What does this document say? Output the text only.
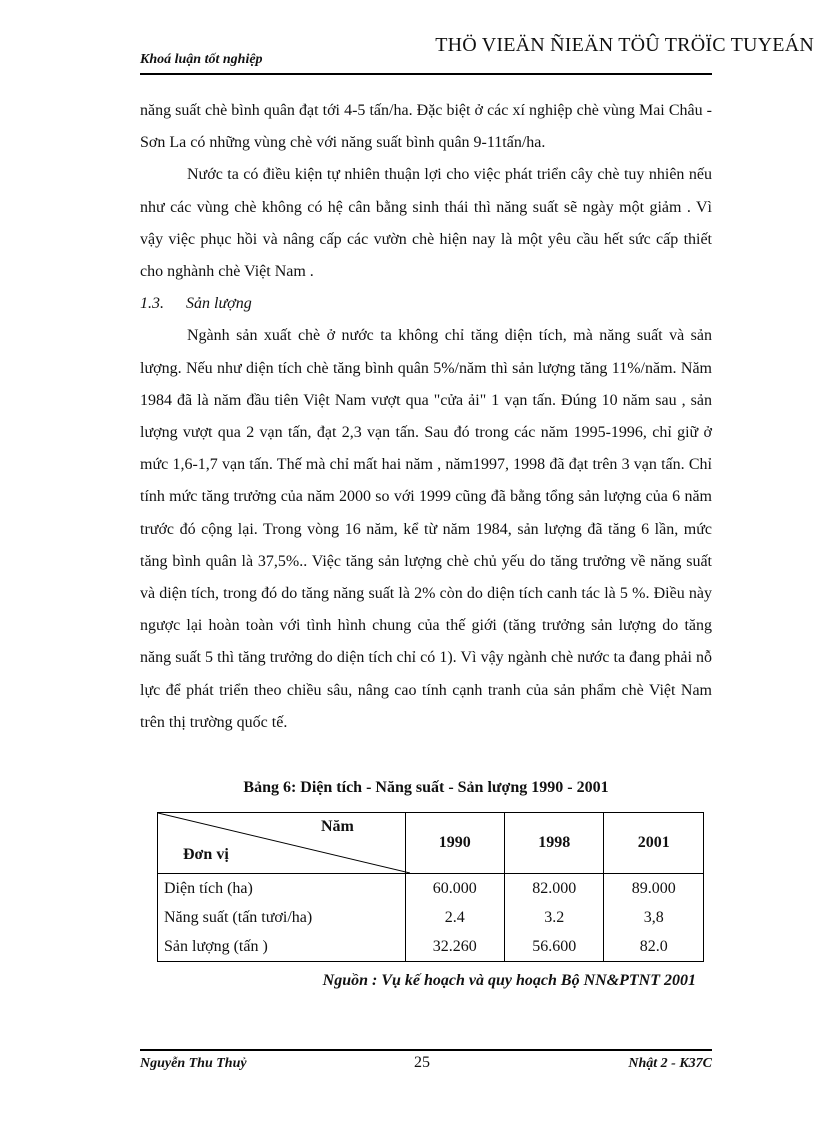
Khoá luận tốt nghiệp
THÖ VIEÄN ÑIEÄN TÖÛ TRÖÏC TUYEÁN

năng suất chè bình quân đạt tới 4-5 tấn/ha. Đặc biệt ở các xí nghiệp chè vùng Mai Châu - Sơn La có những vùng chè với năng suất bình quân 9-11tấn/ha.

Nước ta có điều kiện tự nhiên thuận lợi cho việc phát triển cây chè tuy nhiên nếu như các vùng chè không có hệ cân bằng sinh thái thì năng suất sẽ ngày một giảm . Vì vậy việc phục hồi và nâng cấp các vườn chè hiện nay là một yêu cầu hết sức cấp thiết cho nghành chè Việt Nam .

1.3. Sản lượng

Ngành sản xuất chè ở nước ta không chỉ tăng diện tích, mà năng suất và sản lượng. Nếu như diện tích chè tăng bình quân 5%/năm thì sản lượng tăng 11%/năm. Năm 1984 đã là năm đầu tiên Việt Nam vượt qua "cửa ải" 1 vạn tấn. Đúng 10 năm sau , sản lượng vượt qua 2 vạn tấn, đạt 2,3 vạn tấn. Sau đó trong các năm 1995-1996, chỉ giữ ở mức 1,6-1,7 vạn tấn. Thế mà chỉ mất hai năm , năm1997, 1998 đã đạt trên 3 vạn tấn. Chỉ tính mức tăng trưởng của năm 2000 so với 1999 cũng đã bằng tổng sản lượng của 6 năm trước đó cộng lại. Trong vòng 16 năm, kể từ năm 1984, sản lượng đã tăng 6 lần, mức tăng bình quân là 37,5%.. Việc tăng sản lượng chè chủ yếu do tăng trưởng về năng suất và diện tích, trong đó do tăng năng suất là 2% còn do diện tích canh tác là 5 %. Điều này ngược lại hoàn toàn với tình hình chung của thế giới (tăng trưởng sản lượng do tăng năng suất 5 thì tăng trưởng do diện tích chỉ có 1). Vì vậy ngành chè nước ta đang phải nỗ lực để phát triển theo chiều sâu, nâng cao tính cạnh tranh của sản phẩm chè Việt Nam trên thị trường quốc tế.

Bảng 6: Diện tích - Năng suất - Sản lượng 1990 - 2001
Năm
Đơn vị	1990	1998	2001
Diện tích (ha)	60.000	82.000	89.000
Năng suất (tấn tươi/ha)	2.4	3.2	3,8
Sản lượng (tấn )	32.260	56.600	82.0
Nguồn : Vụ kế hoạch và quy hoạch Bộ NN&PTNT 2001
Nguyễn Thu Thuỷ	25	Nhật 2 - K37C
